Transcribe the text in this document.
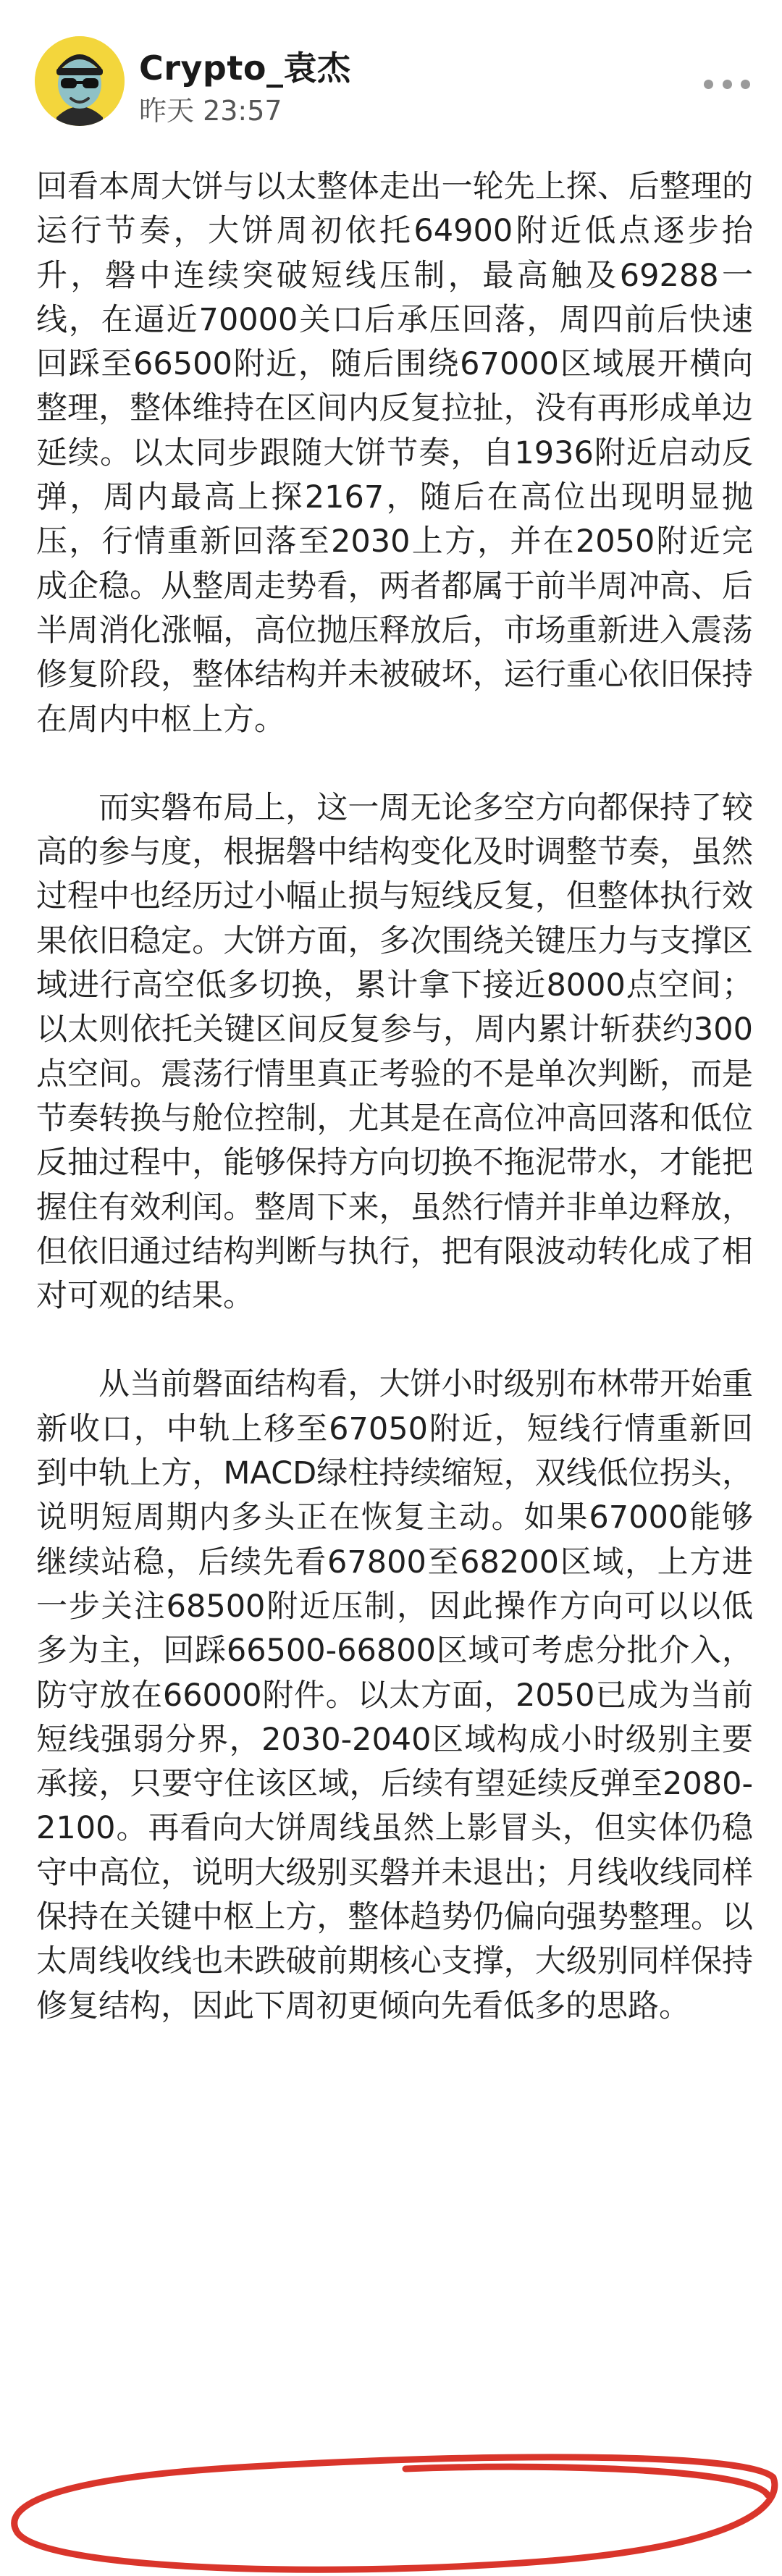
Crypto_袁杰
昨天 23:57

回看本周大饼与以太整体走出一轮先上探、后整理的运行节奏，大饼周初依托64900附近低点逐步抬升，磐中连续突破短线压制，最高触及69288一线，在逼近70000关口后承压回落，周四前后快速回踩至66500附近，随后围绕67000区域展开横向整理，整体维持在区间内反复拉扯，没有再形成单边延续。以太同步跟随大饼节奏，自1936附近启动反弹，周内最高上探2167，随后在高位出现明显抛压，行情重新回落至2030上方，并在2050附近完成企稳。从整周走势看，两者都属于前半周冲高、后半周消化涨幅，高位抛压释放后，市场重新进入震荡修复阶段，整体结构并未被破坏，运行重心依旧保持在周内中枢上方。

而实磐布局上，这一周无论多空方向都保持了较高的参与度，根据磐中结构变化及时调整节奏，虽然过程中也经历过小幅止损与短线反复，但整体执行效果依旧稳定。大饼方面，多次围绕关键压力与支撑区域进行高空低多切换，累计拿下接近8000点空间；以太则依托关键区间反复参与，周内累计斩获约300点空间。震荡行情里真正考验的不是单次判断，而是节奏转换与舱位控制，尤其是在高位冲高回落和低位反抽过程中，能够保持方向切换不拖泥带水，才能把握住有效利闰。整周下来，虽然行情并非单边释放，但依旧通过结构判断与执行，把有限波动转化成了相对可观的结果。

从当前磐面结构看，大饼小时级别布林带开始重新收口，中轨上移至67050附近，短线行情重新回到中轨上方，MACD绿柱持续缩短，双线低位拐头，说明短周期内多头正在恢复主动。如果67000能够继续站稳，后续先看67800至68200区域，上方进一步关注68500附近压制，因此操作方向可以以低多为主，回踩66500-66800区域可考虑分批介入，防守放在66000附件。以太方面，2050已成为当前短线强弱分界，2030-2040区域构成小时级别主要承接，只要守住该区域，后续有望延续反弹至2080-2100。再看向大饼周线虽然上影冒头，但实体仍稳守中高位，说明大级别买磐并未退出；月线收线同样保持在关键中枢上方，整体趋势仍偏向强势整理。以太周线收线也未跌破前期核心支撑，大级别同样保持修复结构，因此下周初更倾向先看低多的思路。
